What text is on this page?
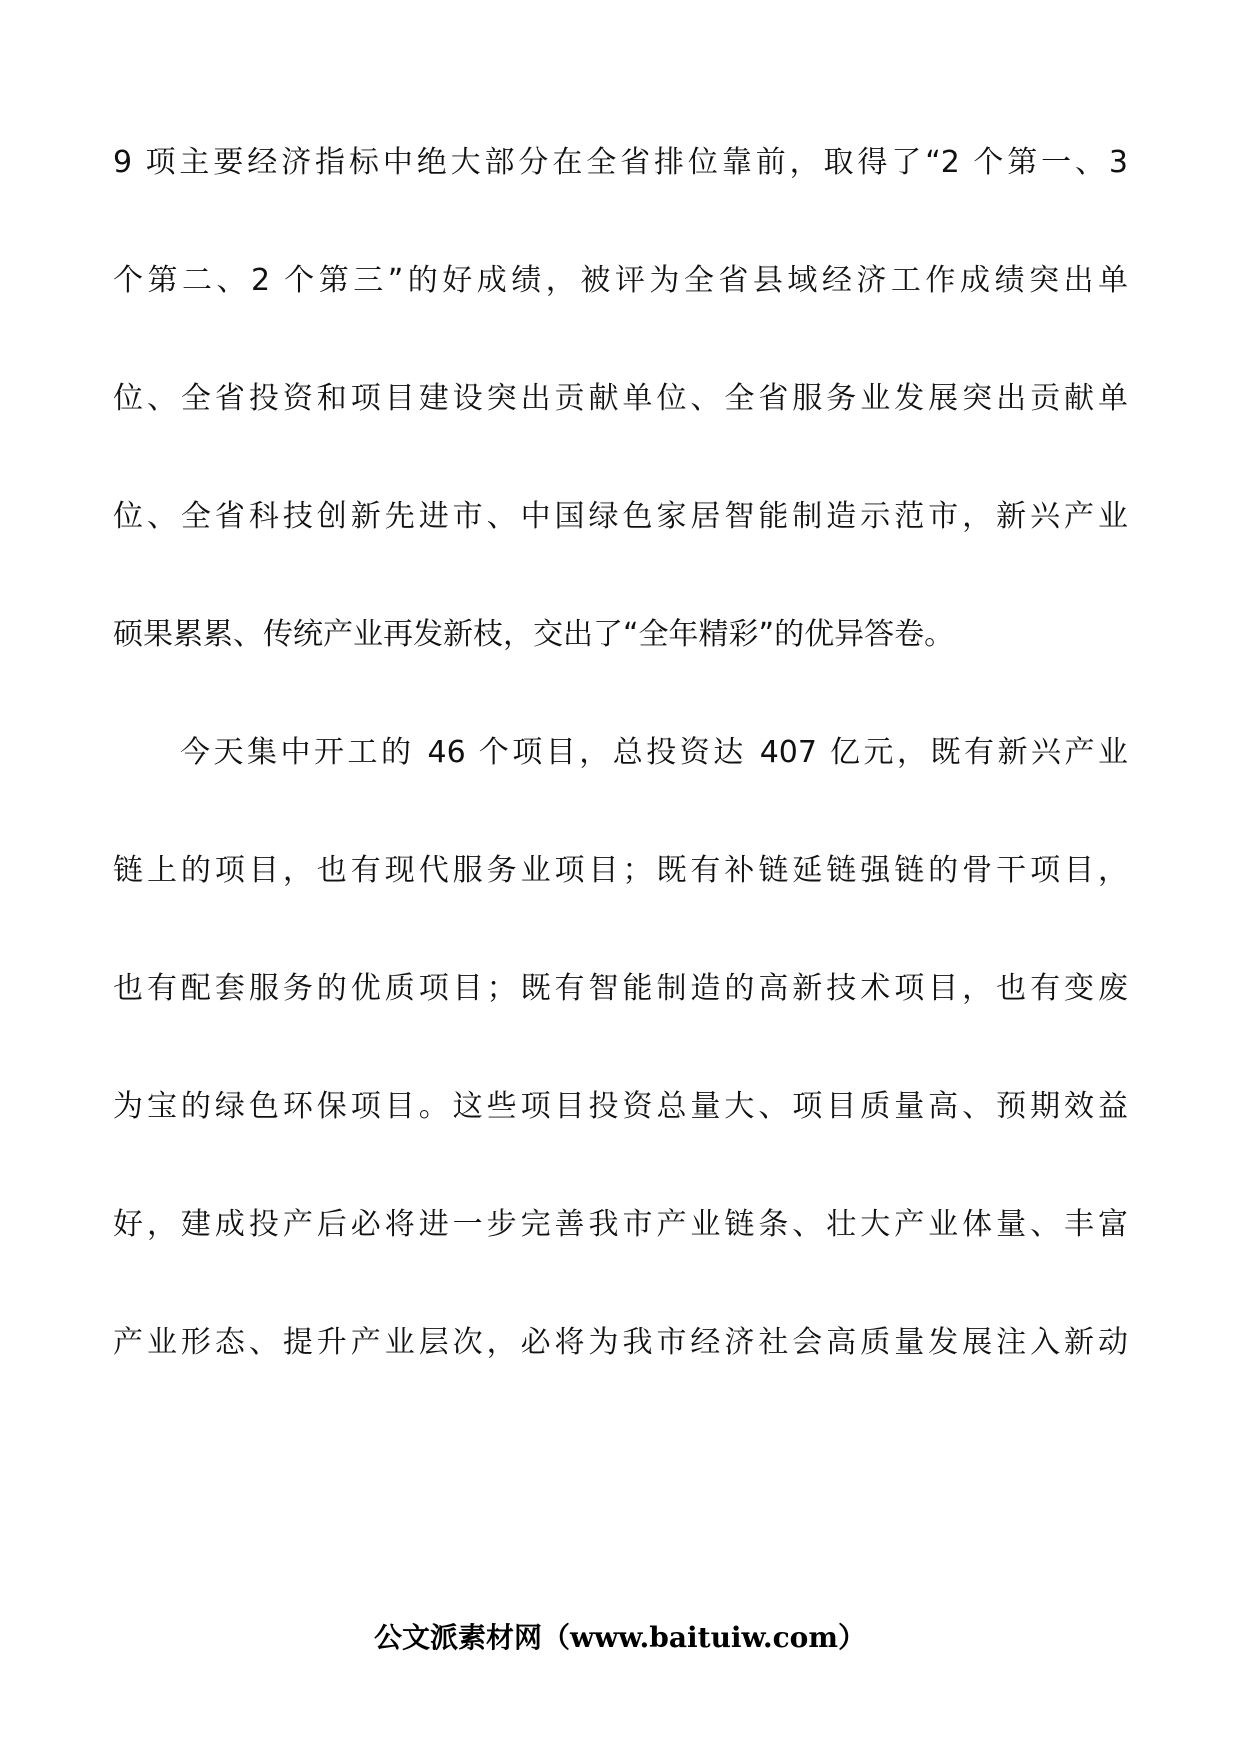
9 项主要经济指标中绝大部分在全省排位靠前，取得了“2 个第一、3
个第二、2 个第三”的好成绩，被评为全省县域经济工作成绩突出单
位、全省投资和项目建设突出贡献单位、全省服务业发展突出贡献单
位、全省科技创新先进市、中国绿色家居智能制造示范市，新兴产业
硕果累累、传统产业再发新枝，交出了“全年精彩”的优异答卷。
今天集中开工的 46 个项目，总投资达 407 亿元，既有新兴产业
链上的项目，也有现代服务业项目；既有补链延链强链的骨干项目，
也有配套服务的优质项目；既有智能制造的高新技术项目，也有变废
为宝的绿色环保项目。这些项目投资总量大、项目质量高、预期效益
好，建成投产后必将进一步完善我市产业链条、壮大产业体量、丰富
产业形态、提升产业层次，必将为我市经济社会高质量发展注入新动
公文派素材网（www.baituiw.com）
